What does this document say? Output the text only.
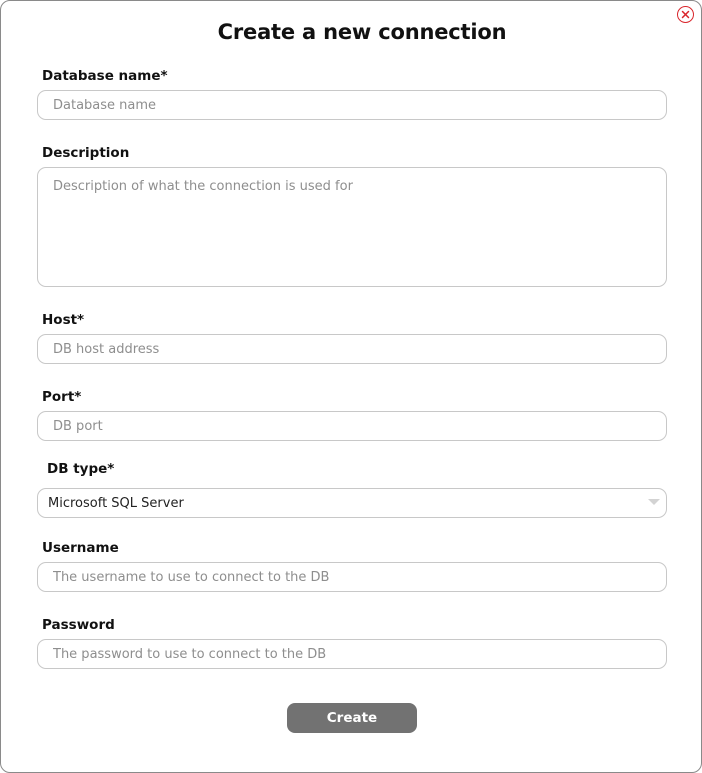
Create a new connection
Database name*
Database name
Description
Description of what the connection is used for
Host*
DB host address
Port*
DB port
DB type*
Microsoft SQL Server
Username
The username to use to connect to the DB
Password
Create
